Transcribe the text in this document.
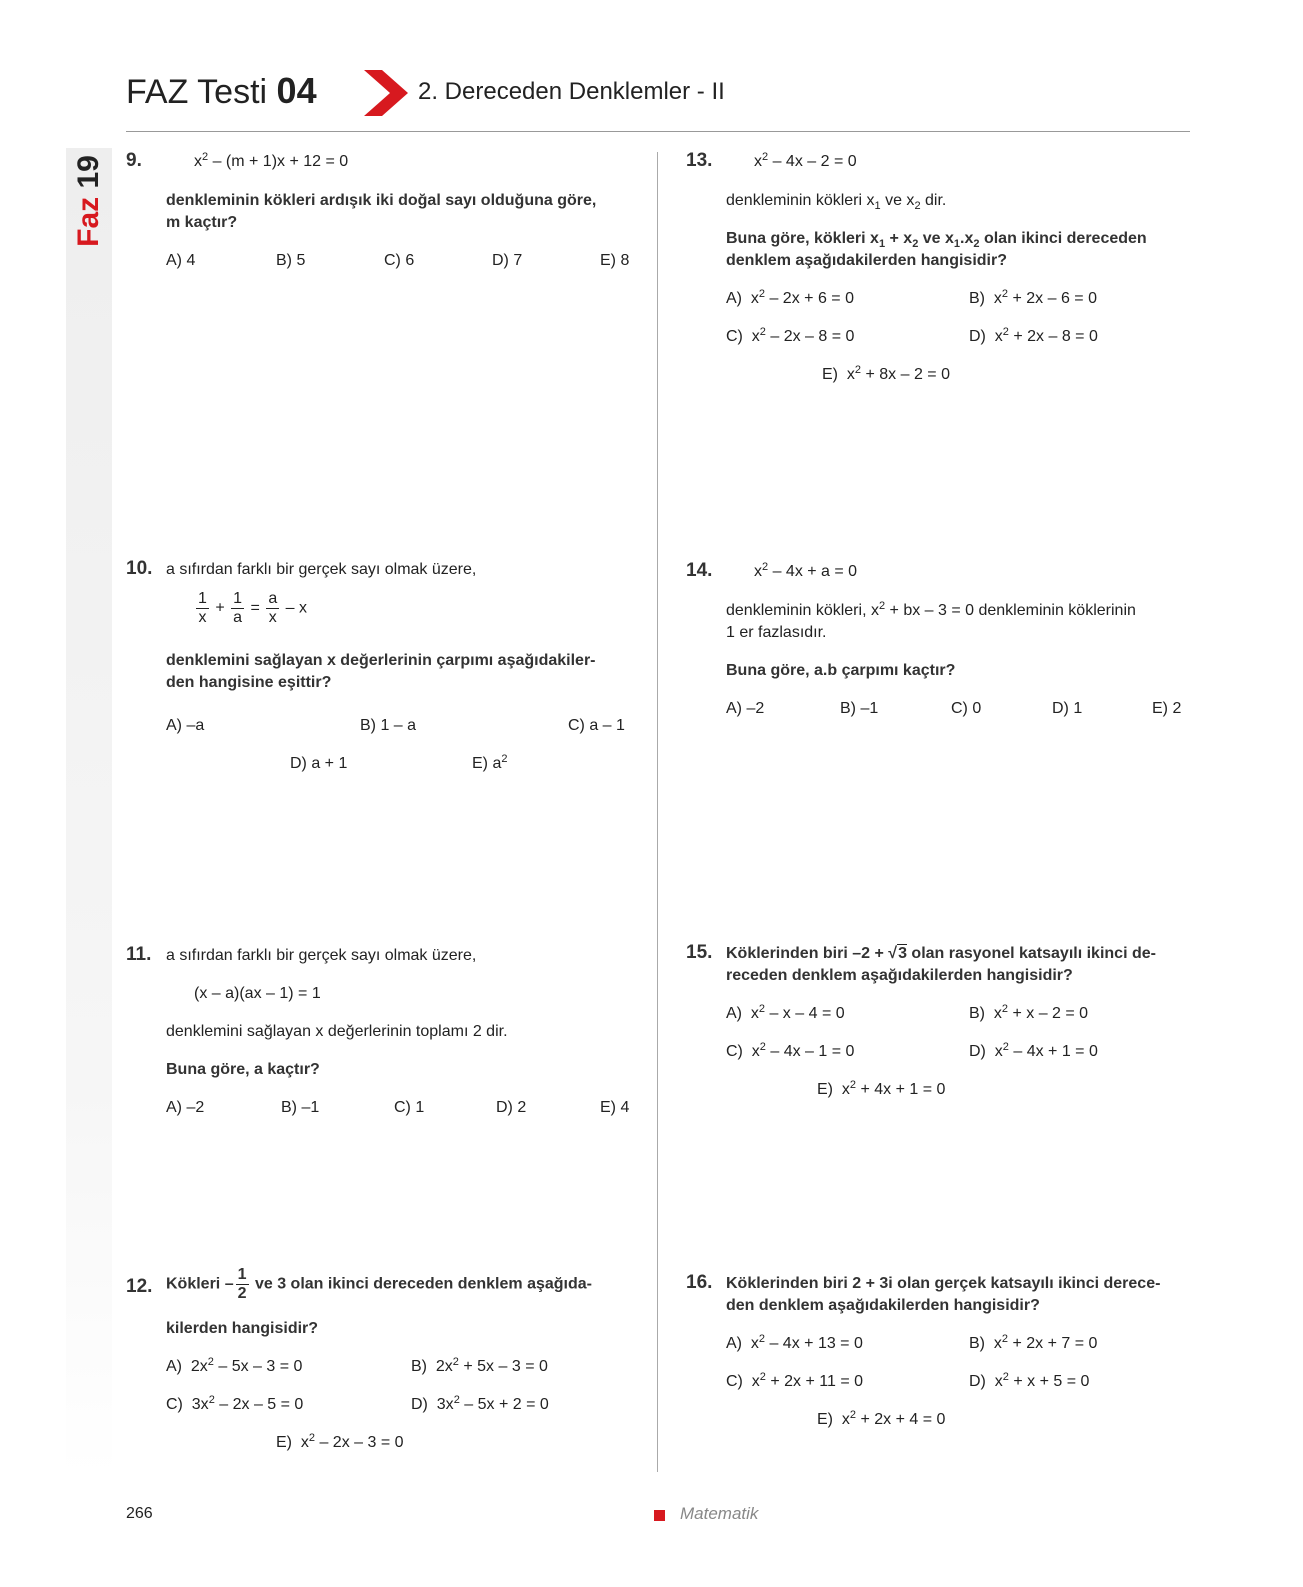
Faz 19
FAZ Testi 04	2. Dereceden Denklemler - II
9.	$x^2 - (m + 1)x + 12 = 0$
denkleminin kökleri ardışık iki doğal sayı olduğuna göre,
m kaçtır?
A) 4	B) 5	C) 6	D) 7	E) 8
10. a sıfırdan farklı bir gerçek sayı olmak üzere,
$\frac{1}{x} + \frac{1}{a} = \frac{a}{x} - x$
denklemini sağlayan x değerlerinin çarpımı aşağıdakiler-
den hangisine eşittir?
A) –a	B) 1 – a	C) a – 1
D) a + 1	E) $a^2$
11. a sıfırdan farklı bir gerçek sayı olmak üzere,
(x – a)(ax – 1) = 1
denklemini sağlayan x değerlerinin toplamı 2 dir.
Buna göre, a kaçtır?
A) –2	B) –1	C) 1	D) 2	E) 4
12. Kökleri – $\frac{1}{2}$ ve 3 olan ikinci dereceden denklem aşağıda-
kilerden hangisidir?
A) $2x^2 - 5x - 3 = 0$	B) $2x^2 + 5x - 3 = 0$
C) $3x^2 - 2x - 5 = 0$	D) $3x^2 - 5x + 2 = 0$
E) $x^2 - 2x - 3 = 0$
13.	$x^2 - 4x - 2 = 0$
denkleminin kökleri $x_1$ ve $x_2$ dir.
Buna göre, kökleri $x_1 + x_2$ ve $x_1.x_2$ olan ikinci dereceden
denklem aşağıdakilerden hangisidir?
A) $x^2 - 2x + 6 = 0$	B) $x^2 + 2x - 6 = 0$
C) $x^2 - 2x - 8 = 0$	D) $x^2 + 2x - 8 = 0$
E) $x^2 + 8x - 2 = 0$
14.	$x^2 - 4x + a = 0$
denkleminin kökleri, $x^2$ + bx – 3 = 0 denkleminin köklerinin
1 er fazlasıdır.
Buna göre, a.b çarpımı kaçtır?
A) –2	B) –1	C) 0	D) 1	E) 2
15. Köklerinden biri –2 + √3 olan rasyonel katsayılı ikinci de-
receden denklem aşağıdakilerden hangisidir?
A) $x^2 - x - 4 = 0$	B) $x^2 + x - 2 = 0$
C) $x^2 - 4x - 1 = 0$	D) $x^2 - 4x + 1 = 0$
E) $x^2 + 4x + 1 = 0$
16. Köklerinden biri 2 + 3i olan gerçek katsayılı ikinci derece-
den denklem aşağıdakilerden hangisidir?
A) $x^2 - 4x + 13 = 0$	B) $x^2 + 2x + 7 = 0$
C) $x^2 + 2x + 11 = 0$	D) $x^2 + x + 5 = 0$
E) $x^2 + 2x + 4 = 0$
266	Matematik
